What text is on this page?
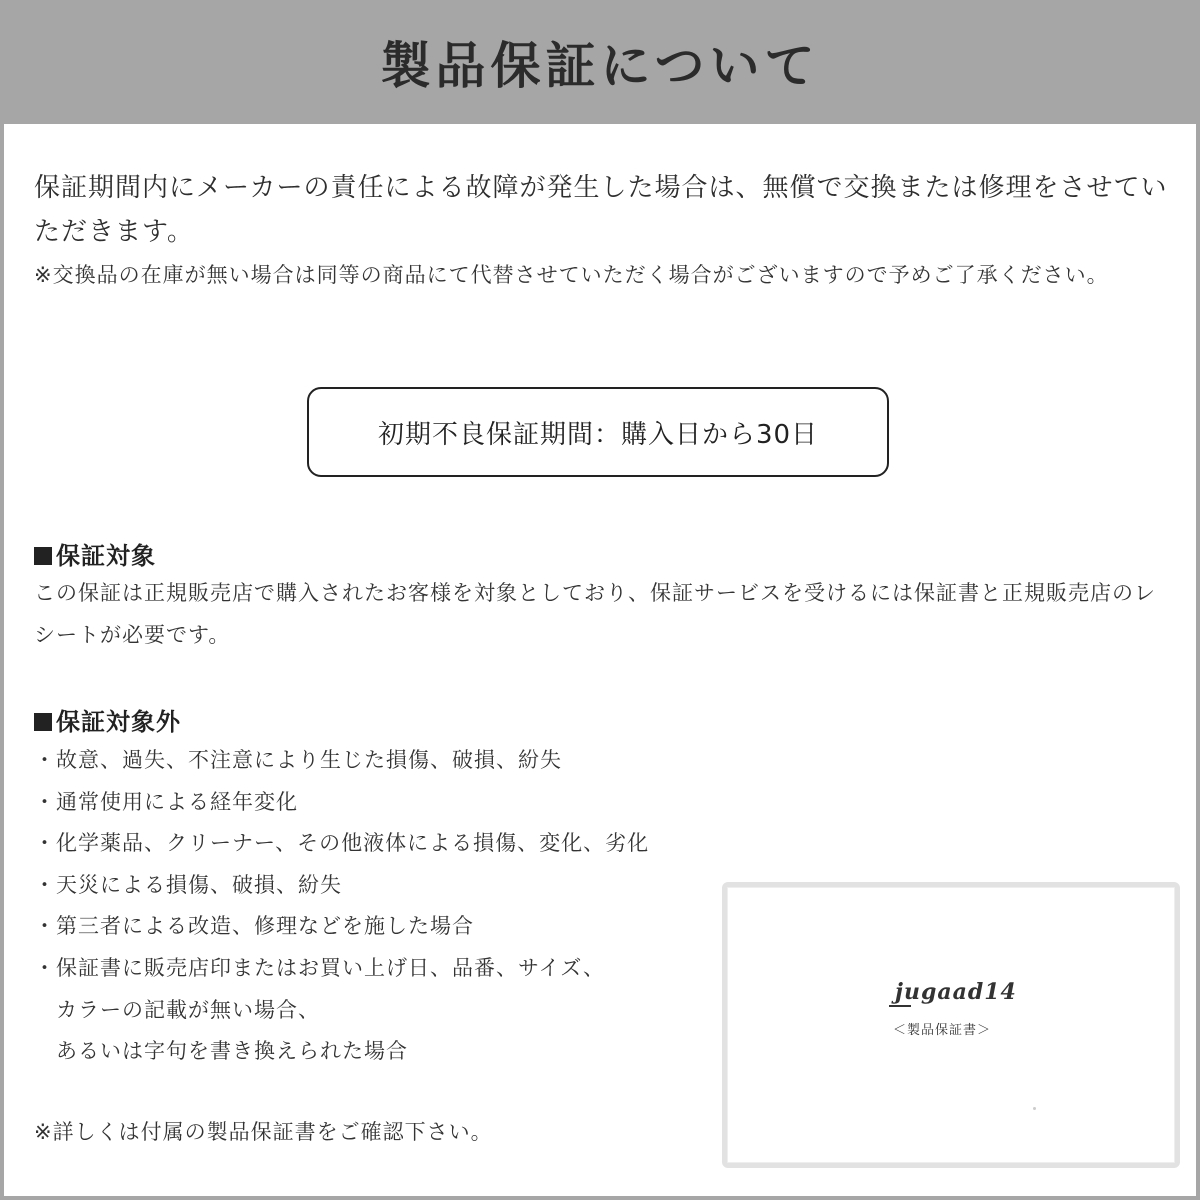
製品保証について

保証期間内にメーカーの責任による故障が発生した場合は、無償で交換または修理をさせていただきます。

※交換品の在庫が無い場合は同等の商品にて代替させていただく場合がございますので予めご了承ください。

初期不良保証期間：購入日から30日
保証対象

この保証は正規販売店で購入されたお客様を対象としており、保証サービスを受けるには保証書と正規販売店のレシートが必要です。

保証対象外
・故意、過失、不注意により生じた損傷、破損、紛失
・通常使用による経年変化
・化学薬品、クリーナー、その他液体による損傷、変化、劣化
・天災による損傷、破損、紛失
・第三者による改造、修理などを施した場合
・保証書に販売店印またはお買い上げ日、品番、サイズ、
　カラーの記載が無い場合、
　あるいは字句を書き換えられた場合

※詳しくは付属の製品保証書をご確認下さい。

jugaad14
＜製品保証書＞
